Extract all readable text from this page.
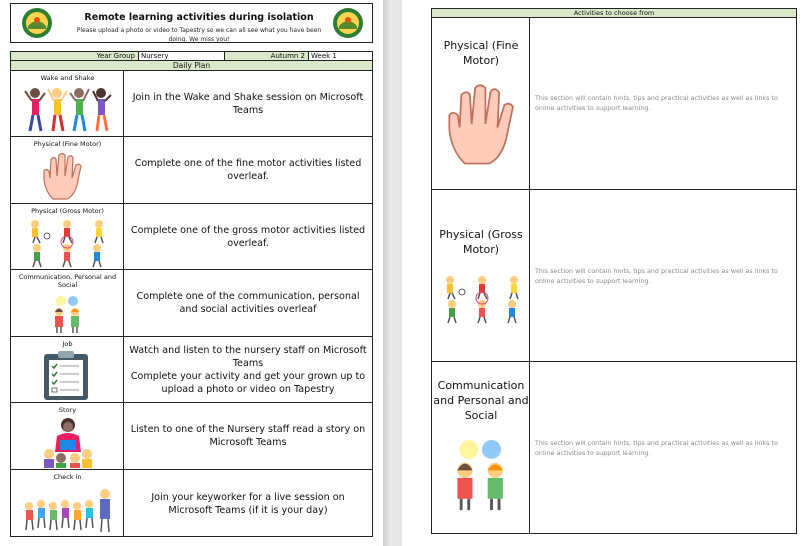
Remote learning activities during isolation
Please upload a photo or video to Tapestry so we can all see what you have been doing. We miss you!
Year Group Nursery	Autumn 2 Week 1
Daily Plan
Wake and Shake
Join in the Wake and Shake session on Microsoft Teams
Physical (Fine Motor)
Complete one of the fine motor activities listed overleaf.
Physical (Gross Motor)
Complete one of the gross motor activities listed overleaf.
Communication, Personal and Social
Complete one of the communication, personal and social activities overleaf
Job
Watch and listen to the nursery staff on Microsoft Teams
Complete your activity and get your grown up to upload a photo or video on Tapestry
Story
Listen to one of the Nursery staff read a story on Microsoft Teams
Check in
Join your keyworker for a live session on Microsoft Teams (if it is your day)
Activities to choose from
Physical (Fine Motor)
This section will contain hints, tips and practical activities as well as links to online activities to support learning.
Physical (Gross Motor)
This section will contain hints, tips and practical activities as well as links to online activities to support learning.
Communication and Personal and Social
This section will contain hints, tips and practical activities as well as links to online activities to support learning.
